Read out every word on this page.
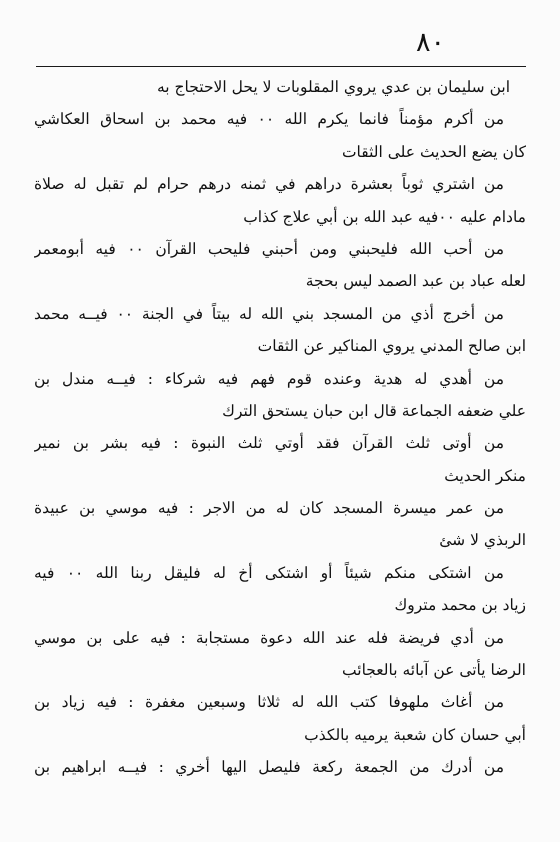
٨٠
ابن سليمان بن عدي يروي المقلوبات لا يحل الاحتجاج به
من أكرم مؤمناً فانما يكرم الله ٠٠ فيه محمد بن اسحاق العكاشي
كان يضع الحديث على الثقات
من اشتري ثوباً بعشرة دراهم في ثمنه درهم حرام لم تقبل له صلاة
مادام عليه ٠٠فيه عبد الله بن أبي علاج كذاب
من أحب الله فليحبني ومن أحبني فليحب القرآن ٠٠ فيه أبومعمر
لعله عباد بن عبد الصمد ليس بحجة
من أخرج أذي من المسجد بني الله له بيتاً في الجنة ٠٠ فيــه محمد
ابن صالح المدني يروي المناكير عن الثقات
من أهدي له هدية وعنده قوم فهم فيه شركاء : فيــه مندل بن
علي ضعفه الجماعة قال ابن حبان يستحق الترك
من أوتى ثلث القرآن فقد أوتي ثلث النبوة : فيه بشر بن نمير
منكر الحديث
من عمر ميسرة المسجد كان له من الاجر : فيه موسي بن عبيدة
الربذي لا شئ
من اشتكى منكم شيئاً أو اشتكى أخ له فليقل ربنا الله ٠٠ فيه
زياد بن محمد متروك
من أدي فريضة فله عند الله دعوة مستجابة : فيه على بن موسي
الرضا يأتى عن آبائه بالعجائب
من أغاث ملهوفا كتب الله له ثلاثا وسبعين مغفرة : فيه زياد بن
أبي حسان كان شعبة يرميه بالكذب
من أدرك من الجمعة ركعة فليصل اليها أخري : فيــه ابراهيم بن
